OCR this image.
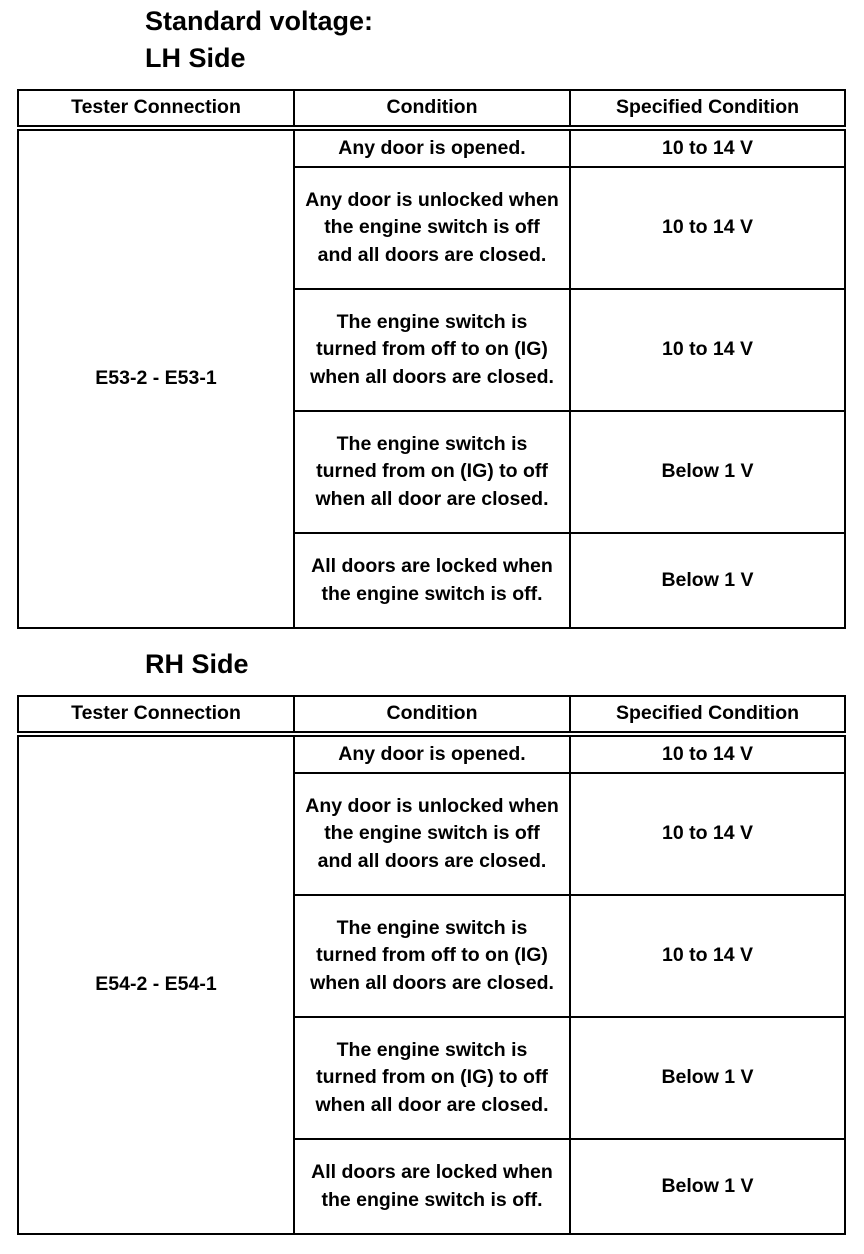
Standard voltage:
LH Side
Tester Connection	Condition	Specified Condition
E53-2 - E53-1	Any door is opened.	10 to 14 V
	Any door is unlocked when the engine switch is off and all doors are closed.	10 to 14 V
	The engine switch is turned from off to on (IG) when all doors are closed.	10 to 14 V
	The engine switch is turned from on (IG) to off when all door are closed.	Below 1 V
	All doors are locked when the engine switch is off.	Below 1 V
RH Side
Tester Connection	Condition	Specified Condition
E54-2 - E54-1	Any door is opened.	10 to 14 V
	Any door is unlocked when the engine switch is off and all doors are closed.	10 to 14 V
	The engine switch is turned from off to on (IG) when all doors are closed.	10 to 14 V
	The engine switch is turned from on (IG) to off when all door are closed.	Below 1 V
	All doors are locked when the engine switch is off.	Below 1 V
